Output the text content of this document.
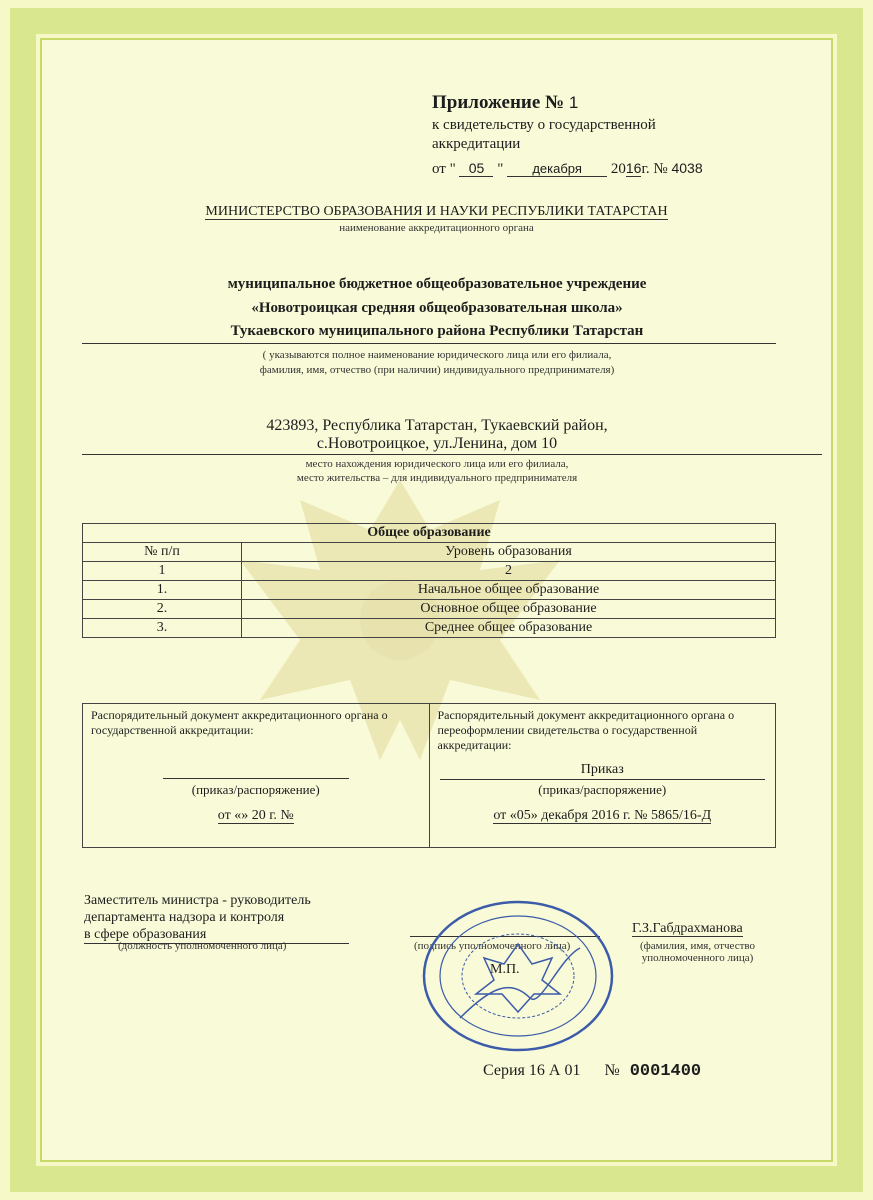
Приложение № 1
к свидетельству о государственной
аккредитации
от " 05 " декабря 2016г. № 4038
МИНИСТЕРСТВО ОБРАЗОВАНИЯ И НАУКИ РЕСПУБЛИКИ ТАТАРСТАН
наименование аккредитационного органа
муниципальное бюджетное общеобразовательное учреждение
«Новотроицкая средняя общеобразовательная школа»
Тукаевского муниципального района Республики Татарстан
( указываются полное наименование юридического лица или его филиала,
фамилия, имя, отчество (при наличии) индивидуального предпринимателя)
423893, Республика Татарстан, Тукаевский район,
с.Новотроицкое, ул.Ленина, дом 10
место нахождения юридического лица или его филиала,
место жительства – для индивидуального предпринимателя
Общее образование	
№ п/п	Уровень образования
1	2
1.	Начальное общее образование
2.	Основное общее образование
3.	Среднее общее образование
Распорядительный документ аккредитационного органа о государственной аккредитации:
(приказ/распоряжение)
от «» 20 г. №

Распорядительный документ аккредитационного органа о переоформлении свидетельства о государственной аккредитации:
Приказ
(приказ/распоряжение)
от «05» декабря 2016 г. № 5865/16-Д
Заместитель министра - руководитель
департамента надзора и контроля
в сфере образования
(должность уполномоченного лица)	(подпись уполномоченного лица)
Г.З.Габдрахманова
(фамилия, имя, отчество
уполномоченного лица)
М.П.
Серия 16 А 01 № 0001400
